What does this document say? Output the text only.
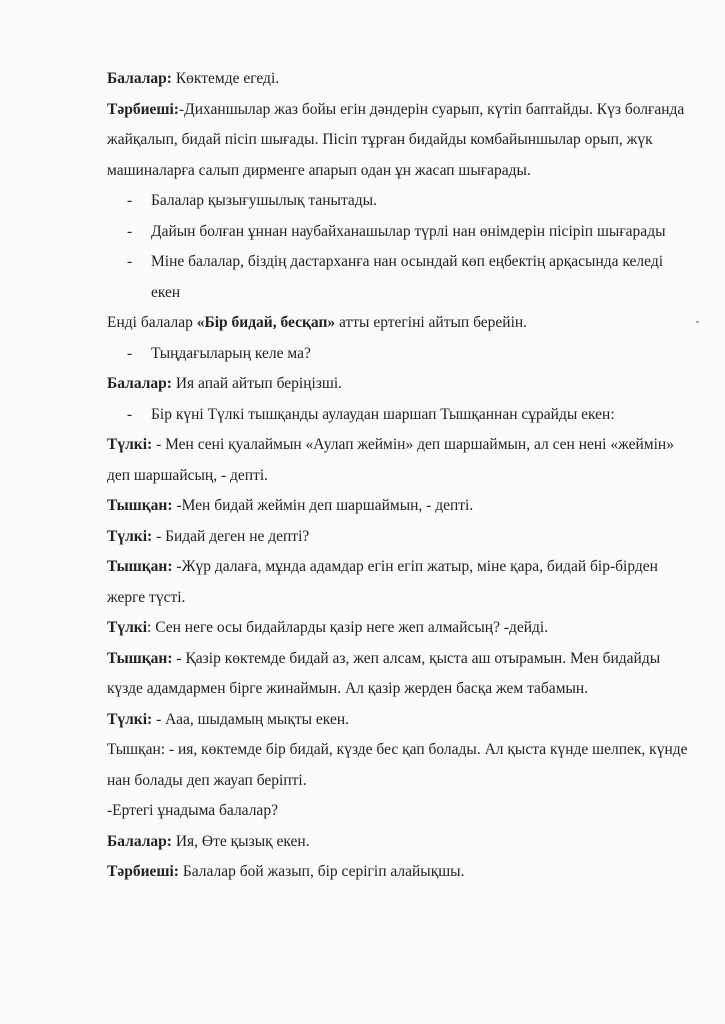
Балалар: Көктемде егеді.

Тәрбиеші:-Диханшылар жаз бойы егін дәндерін суарып, күтіп баптайды. Күз болғанда жайқалып, бидай пісіп шығады. Пісіп тұрған бидайды комбайыншылар орып, жүк машиналарға салып дирменге апарып одан ұн жасап шығарады.

- Балалар қызығушылық танытады.

- Дайын болған ұннан наубайханашылар түрлі нан өнімдерін пісіріп шығарады

- Міне балалар, біздің дастарханға нан осындай көп еңбектің арқасында келеді екен

Енді балалар «Бір бидай, бесқап» атты ертегіні айтып берейін.

- Тыңдағыларың келе ма?

Балалар: Ия апай айтып беріңізші.

- Бір күні Түлкі тышқанды аулаудан шаршап Тышқаннан сұрайды екен:

Түлкі: - Мен сені қуалаймын «Аулап жеймін» деп шаршаймын, ал сен нені «жеймін» деп шаршайсың, - депті.

Тышқан: -Мен бидай жеймін деп шаршаймын, - депті.

Түлкі: - Бидай деген не депті?

Тышқан: -Жүр далаға, мұнда адамдар егін егіп жатыр, міне қара, бидай бір-бірден жерге түсті.

Түлкі: Сен неге осы бидайларды қазір неге жеп алмайсың? -дейді.

Тышқан: - Қазір көктемде бидай аз, жеп алсам, қыста аш отырамын. Мен бидайды күзде адамдармен бірге жинаймын. Ал қазір жерден басқа жем табамын.

Түлкі: - Ааа, шыдамың мықты екен.

Тышқан: - ия, көктемде бір бидай, күзде бес қап болады. Ал қыста күнде шелпек, күнде нан болады деп жауап беріпті.

-Ертегі ұнадыма балалар?

Балалар: Ия, Өте қызық екен.

Тәрбиеші: Балалар бой жазып, бір серігіп алайықшы.
